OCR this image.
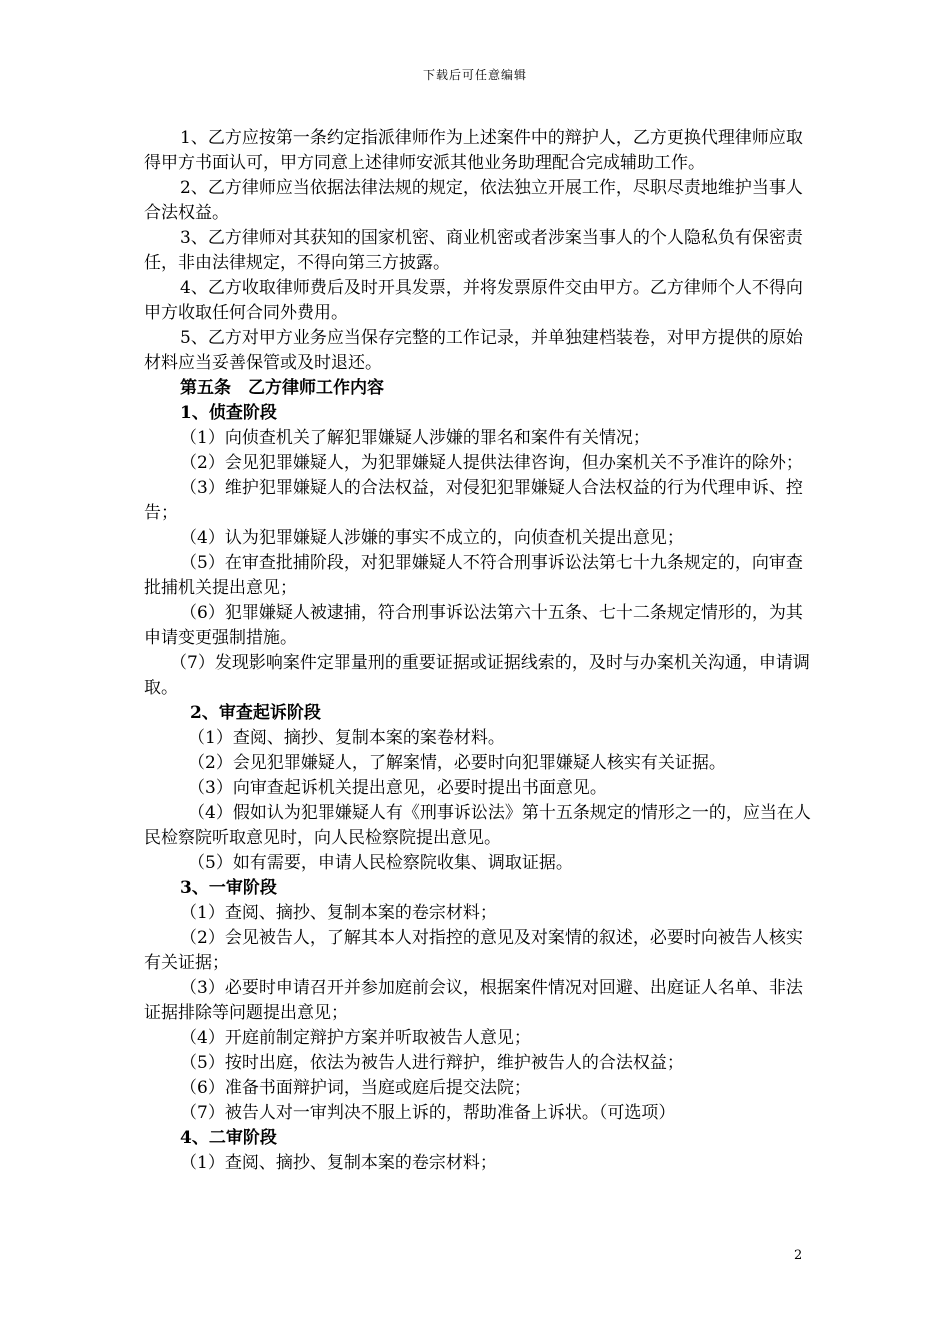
下载后可任意编辑

1、乙方应按第一条约定指派律师作为上述案件中的辩护人，乙方更换代理律师应取得甲方书面认可，甲方同意上述律师安派其他业务助理配合完成辅助工作。

2、乙方律师应当依据法律法规的规定，依法独立开展工作，尽职尽责地维护当事人合法权益。

3、乙方律师对其获知的国家机密、商业机密或者涉案当事人的个人隐私负有保密责任，非由法律规定，不得向第三方披露。

4、乙方收取律师费后及时开具发票，并将发票原件交由甲方。乙方律师个人不得向甲方收取任何合同外费用。

5、乙方对甲方业务应当保存完整的工作记录，并单独建档装卷，对甲方提供的原始材料应当妥善保管或及时退还。

第五条　乙方律师工作内容

1、侦查阶段

（1）向侦查机关了解犯罪嫌疑人涉嫌的罪名和案件有关情况；

（2）会见犯罪嫌疑人，为犯罪嫌疑人提供法律咨询，但办案机关不予准许的除外；

（3）维护犯罪嫌疑人的合法权益，对侵犯犯罪嫌疑人合法权益的行为代理申诉、控告；

（4）认为犯罪嫌疑人涉嫌的事实不成立的，向侦查机关提出意见；

（5）在审查批捕阶段，对犯罪嫌疑人不符合刑事诉讼法第七十九条规定的，向审查批捕机关提出意见；

（6）犯罪嫌疑人被逮捕，符合刑事诉讼法第六十五条、七十二条规定情形的，为其申请变更强制措施。

（7）发现影响案件定罪量刑的重要证据或证据线索的，及时与办案机关沟通，申请调取。

2、审查起诉阶段

（1）查阅、摘抄、复制本案的案卷材料。

（2）会见犯罪嫌疑人，了解案情，必要时向犯罪嫌疑人核实有关证据。

（3）向审查起诉机关提出意见，必要时提出书面意见。

（4）假如认为犯罪嫌疑人有《刑事诉讼法》第十五条规定的情形之一的，应当在人民检察院听取意见时，向人民检察院提出意见。

（5）如有需要，申请人民检察院收集、调取证据。

3、一审阶段

（1）查阅、摘抄、复制本案的卷宗材料；

（2）会见被告人，了解其本人对指控的意见及对案情的叙述，必要时向被告人核实有关证据；

（3）必要时申请召开并参加庭前会议，根据案件情况对回避、出庭证人名单、非法证据排除等问题提出意见；

（4）开庭前制定辩护方案并听取被告人意见；

（5）按时出庭，依法为被告人进行辩护，维护被告人的合法权益；

（6）准备书面辩护词，当庭或庭后提交法院；

（7）被告人对一审判决不服上诉的，帮助准备上诉状。（可选项）

4、二审阶段

（1）查阅、摘抄、复制本案的卷宗材料；

2
